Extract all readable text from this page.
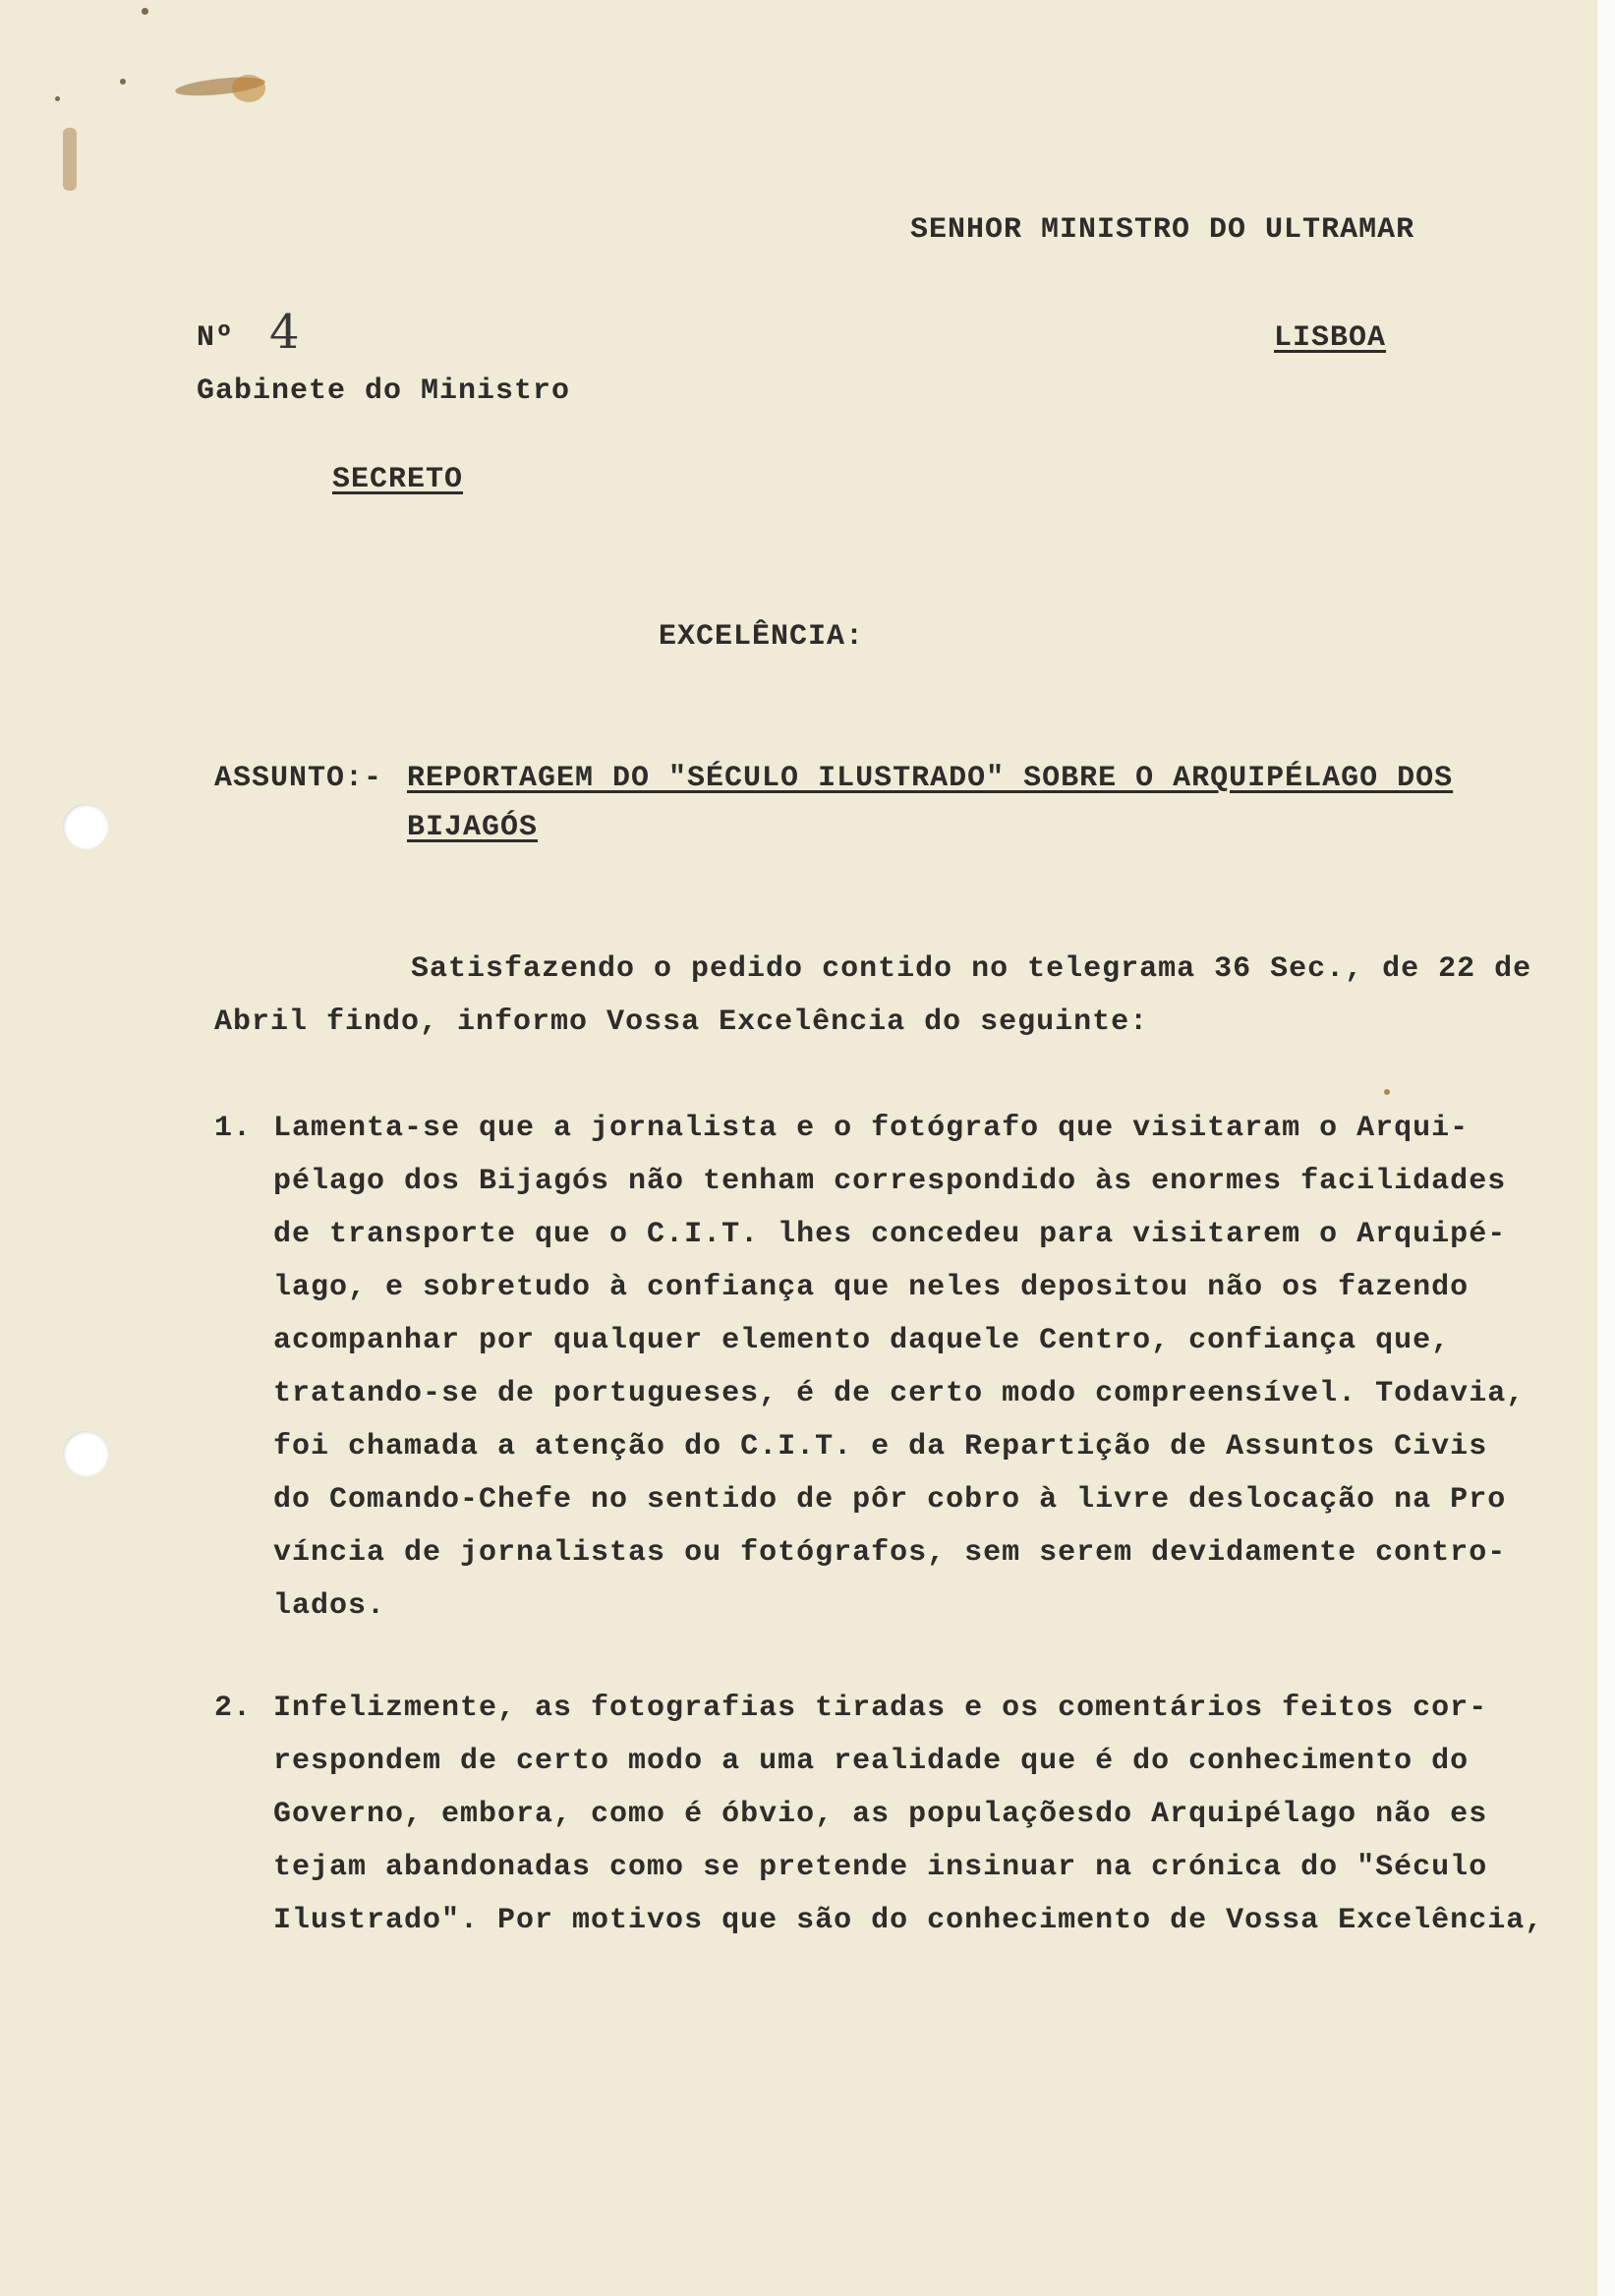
SENHOR MINISTRO DO ULTRAMAR
Nº 4	LISBOA
Gabinete do Ministro
SECRETO
EXCELÊNCIA:
ASSUNTO:- REPORTAGEM DO "SÉCULO ILUSTRADO" SOBRE O ARQUIPÉLAGO DOS
BIJAGÓS
Satisfazendo o pedido contido no telegrama 36 Sec., de 22 de
Abril findo, informo Vossa Excelência do seguinte:
1. Lamenta-se que a jornalista e o fotógrafo que visitaram o Arqui-
pélago dos Bijagós não tenham correspondido às enormes facilidades
de transporte que o C.I.T. lhes concedeu para visitarem o Arquipé-
lago, e sobretudo à confiança que neles depositou não os fazendo
acompanhar por qualquer elemento daquele Centro, confiança que,
tratando-se de portugueses, é de certo modo compreensível. Todavia,
foi chamada a atenção do C.I.T. e da Repartição de Assuntos Civis
do Comando-Chefe no sentido de pôr cobro à livre deslocação na Pro
víncia de jornalistas ou fotógrafos, sem serem devidamente contro-
lados.
2. Infelizmente, as fotografias tiradas e os comentários feitos cor-
respondem de certo modo a uma realidade que é do conhecimento do
Governo, embora, como é óbvio, as populaçõesdo Arquipélago não es
tejam abandonadas como se pretende insinuar na crónica do "Século
Ilustrado". Por motivos que são do conhecimento de Vossa Excelência,
